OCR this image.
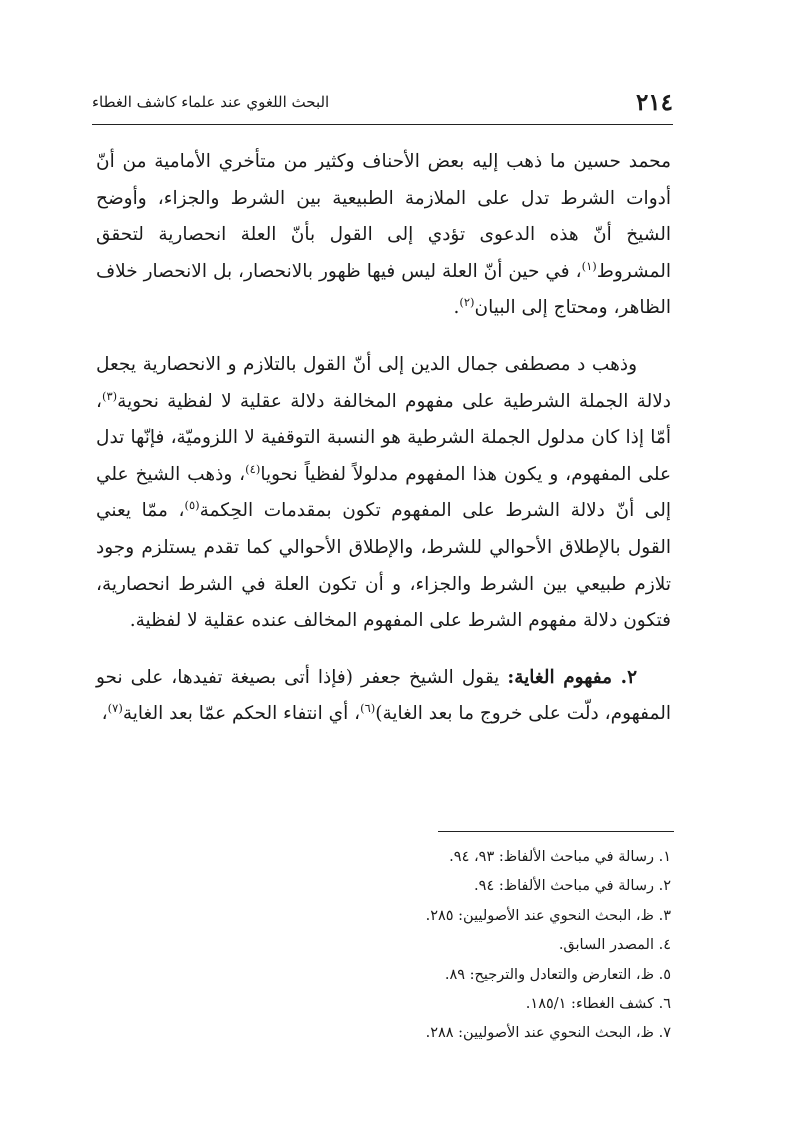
٢١٤
البحث اللغوي عند علماء كاشف الغطاء

محمد حسين ما ذهب إليه بعض الأحناف وكثير من متأخري الأمامية من أنّ أدوات الشرط تدل على الملازمة الطبيعية بين الشرط والجزاء، وأوضح الشيخ أنّ هذه الدعوى تؤدي إلى القول بأنّ العلة انحصارية لتحقق المشروط$^{(١)}$، في حين أنّ العلة ليس فيها ظهور بالانحصار، بل الانحصار خلاف الظاهر، ومحتاج إلى البيان$^{(٢)}$.

وذهب د مصطفى جمال الدين إلى أنّ القول بالتلازم و الانحصارية يجعل دلالة الجملة الشرطية على مفهوم المخالفة دلالة عقلية لا لفظية نحوية$^{(٣)}$، أمّا إذا كان مدلول الجملة الشرطية هو النسبة التوقفية لا اللزوميّة، فإنّها تدل على المفهوم، و يكون هذا المفهوم مدلولاً لفظياً نحويا$^{(٤)}$، وذهب الشيخ علي إلى أنّ دلالة الشرط على المفهوم تكون بمقدمات الحِكمة$^{(٥)}$، ممّا يعني القول بالإطلاق الأحوالي للشرط، والإطلاق الأحوالي كما تقدم يستلزم وجود تلازم طبيعي بين الشرط والجزاء، و أن تكون العلة في الشرط انحصارية، فتكون دلالة مفهوم الشرط على المفهوم المخالف عنده عقلية لا لفظية.

٢. مفهوم الغاية: يقول الشيخ جعفر (فإذا أتى بصيغة تفيدها، على نحو المفهوم، دلّت على خروج ما بعد الغاية)$^{(٦)}$، أي انتفاء الحكم عمّا بعد الغاية$^{(٧)}$،

١. رسالة في مباحث الألفاظ: ٩٣، ٩٤.
٢. رسالة في مباحث الألفاظ: ٩٤.
٣. ظ، البحث النحوي عند الأصوليين: ٢٨٥.
٤. المصدر السابق.
٥. ظ، التعارض والتعادل والترجيح: ٨٩.
٦. كشف الغطاء: ١٨٥/١.
٧. ظ، البحث النحوي عند الأصوليين: ٢٨٨.
